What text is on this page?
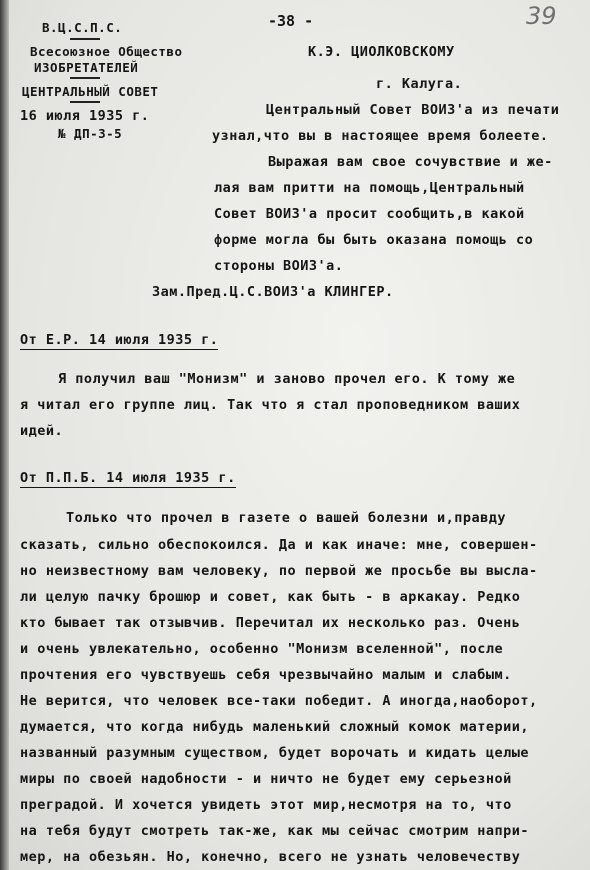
39
-38 -
В.Ц.С.П.С.
Всесоюзное Общество
ИЗОБРЕТАТЕЛЕЙ
ЦЕНТРАЛЬНЫЙ СОВЕТ
16 июля 1935 г.
№ ДП-3-5
К.Э. ЦИОЛКОВСКОМУ
г. Калуга.
Центральный Совет ВОИЗ'а из печати
узнал,что вы в настоящее время болеете.
Выражая вам свое сочувствие и же-
лая вам притти на помощь,Центральный
Совет ВОИЗ'а просит сообщить,в какой
форме могла бы быть оказана помощь со
стороны ВОИЗ'а.
Зам.Пред.Ц.С.ВОИЗ'а КЛИНГЕР.
От Е.Р. 14 июля 1935 г.
Я получил ваш "Монизм" и заново прочел его. К тому же
я читал его группе лиц. Так что я стал проповедником ваших
идей.
От П.П.Б. 14 июля 1935 г.
Только что прочел в газете о вашей болезни и,правду
сказать, сильно обеспокоился. Да и как иначе: мне, совершен-
но неизвестному вам человеку, по первой же просьбе вы высла-
ли целую пачку брошюр и совет, как быть - в аркакау. Редко
кто бывает так отзывчив. Перечитал их несколько раз. Очень
и очень увлекательно, особенно "Монизм вселенной", после
прочтения его чувствуешь себя чрезвычайно малым и слабым.
Не верится, что человек все-таки победит. А иногда,наоборот,
думается, что когда нибудь маленький сложный комок материи,
названный разумным существом, будет ворочать и кидать целые
миры по своей надобности - и ничто не будет ему серьезной
преградой. И хочется увидеть этот мир,несмотря на то, что
на тебя будут смотреть так-же, как мы сейчас смотрим напри-
мер, на обезьян. Но, конечно, всего не узнать человечеству
